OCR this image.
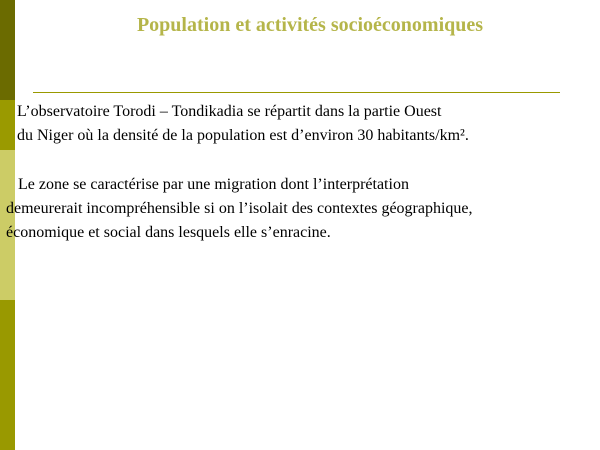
Population et activités socioéconomiques

L’observatoire Torodi – Tondikadia se répartit dans la partie Ouest
du Niger où la densité de la population est d’environ 30 habitants/km².

Le zone se caractérise par une migration dont l’interprétation
demeurerait incompréhensible si on l’isolait des contextes géographique,
économique et social dans lesquels elle s’enracine.
